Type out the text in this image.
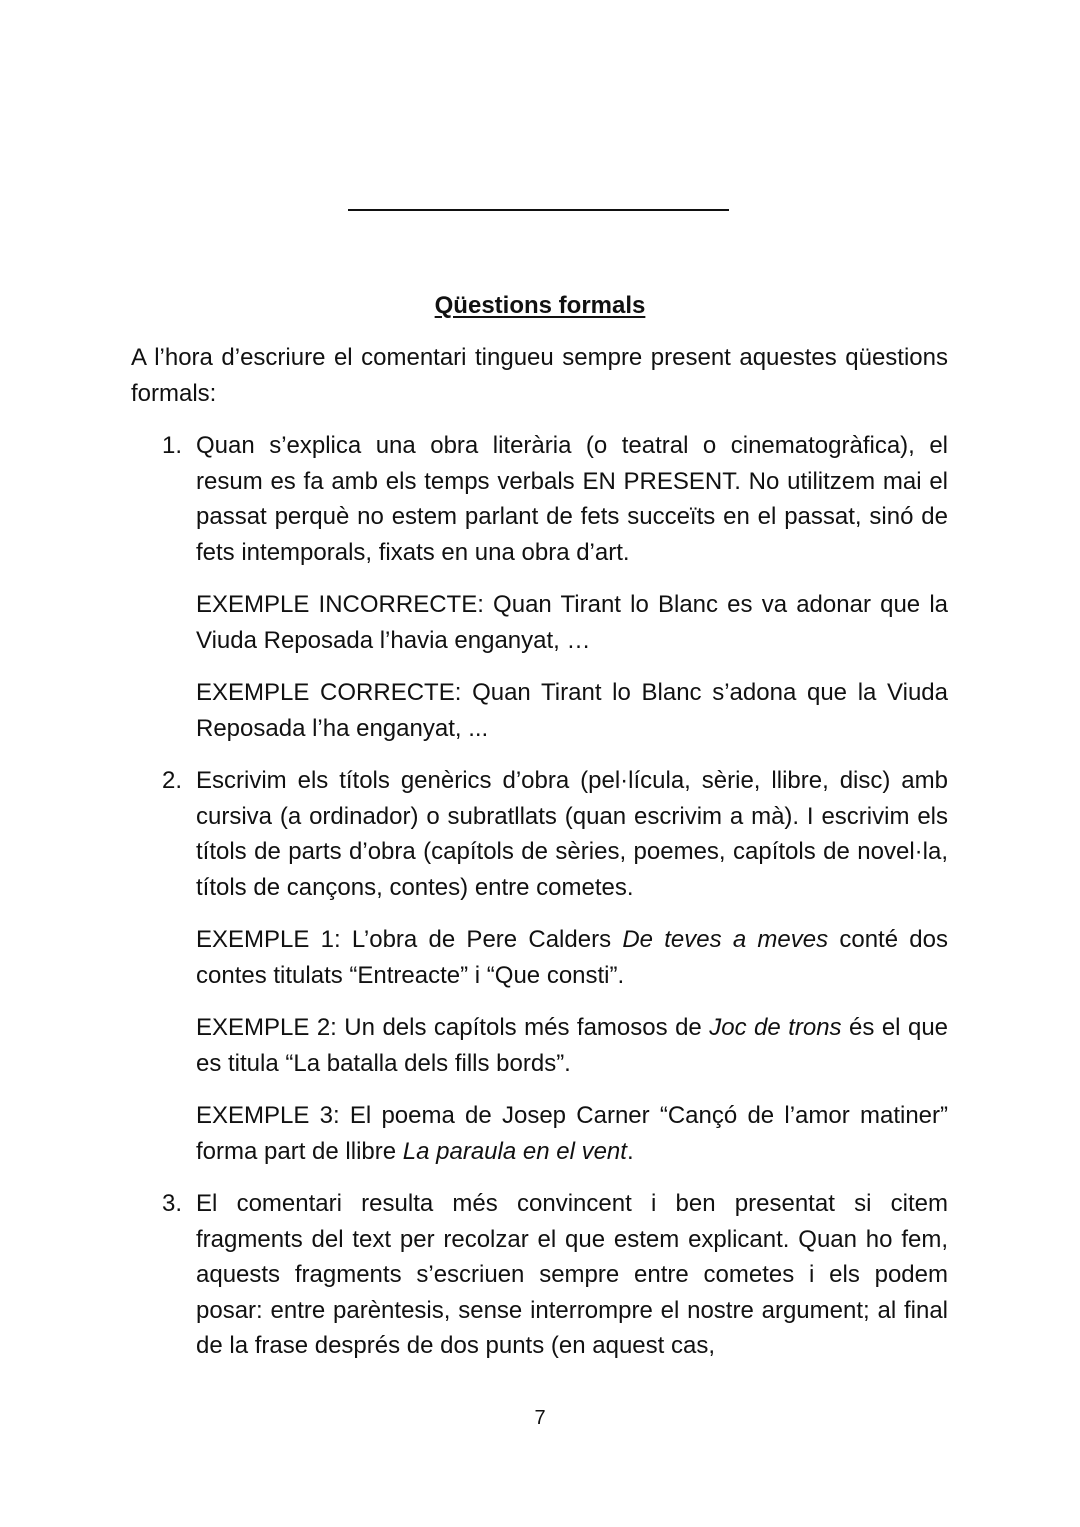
Qüestions formals

A l’hora d’escriure el comentari tingueu sempre present aquestes qüestions formals:

1. Quan s’explica una obra literària (o teatral o cinematogràfica), el resum es fa amb els temps verbals EN PRESENT. No utilitzem mai el passat perquè no estem parlant de fets succeïts en el passat, sinó de fets intemporals, fixats en una obra d’art.

EXEMPLE INCORRECTE: Quan Tirant lo Blanc es va adonar que la Viuda Reposada l’havia enganyat, …

EXEMPLE CORRECTE: Quan Tirant lo Blanc s’adona que la Viuda Reposada l’ha enganyat, ...

2. Escrivim els títols genèrics d’obra (pel·lícula, sèrie, llibre, disc) amb cursiva (a ordinador) o subratllats (quan escrivim a mà). I escrivim els títols de parts d’obra (capítols de sèries, poemes, capítols de novel·la, títols de cançons, contes) entre cometes.

EXEMPLE 1: L’obra de Pere Calders De teves a meves conté dos contes titulats “Entreacte” i “Que consti”.

EXEMPLE 2: Un dels capítols més famosos de Joc de trons és el que es titula “La batalla dels fills bords”.

EXEMPLE 3: El poema de Josep Carner “Cançó de l’amor matiner” forma part de llibre La paraula en el vent.

3. El comentari resulta més convincent i ben presentat si citem fragments del text per recolzar el que estem explicant. Quan ho fem, aquests fragments s’escriuen sempre entre cometes i els podem posar: entre parèntesis, sense interrompre el nostre argument; al final de la frase després de dos punts (en aquest cas,

7
